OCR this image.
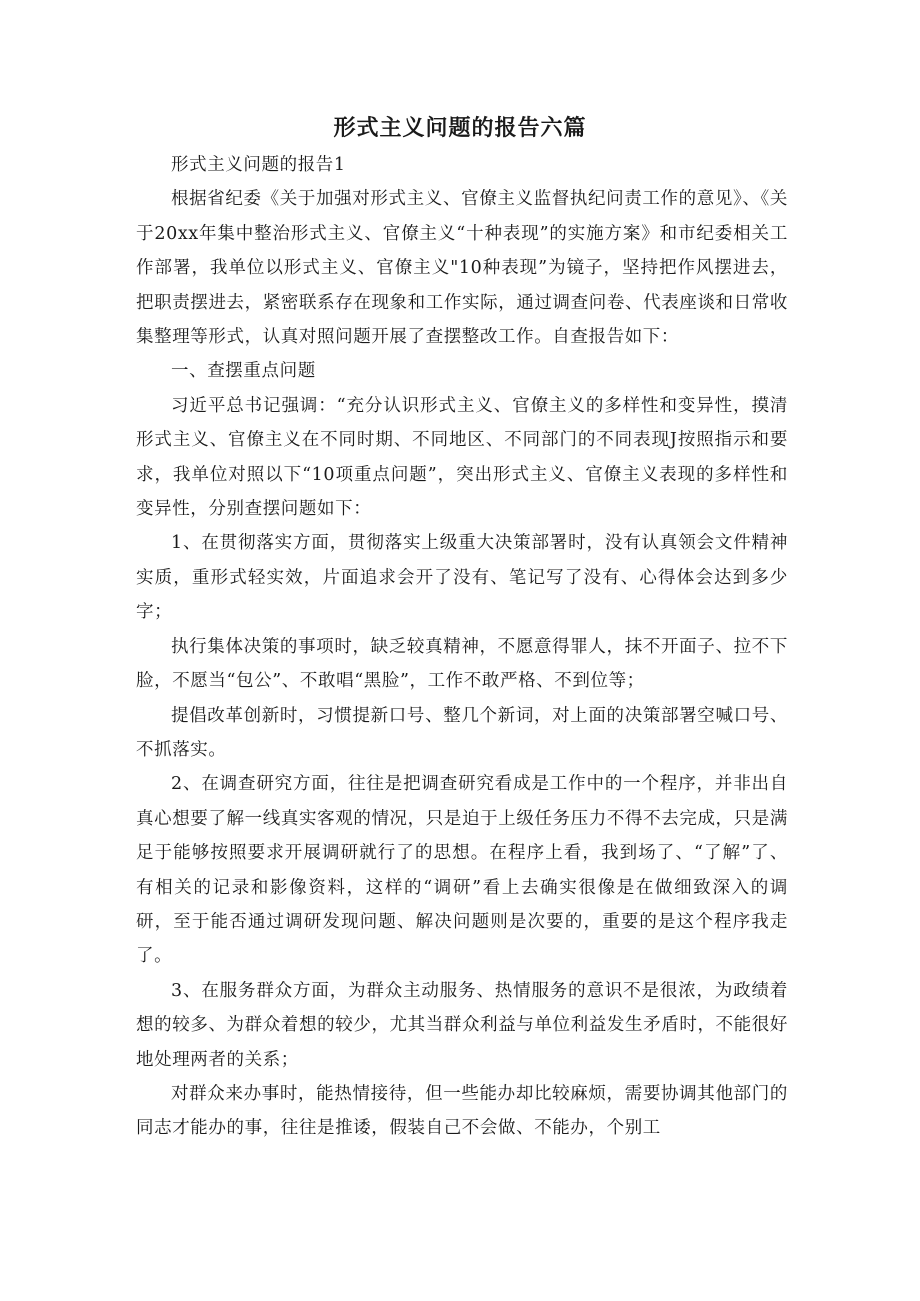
形式主义问题的报告六篇

形式主义问题的报告1

根据省纪委《关于加强对形式主义、官僚主义监督执纪问责工作的意见》、《关于20xx年集中整治形式主义、官僚主义“十种表现”的实施方案》和市纪委相关工作部署，我单位以形式主义、官僚主义"10种表现”为镜子，坚持把作风摆进去，把职责摆进去，紧密联系存在现象和工作实际，通过调查问卷、代表座谈和日常收集整理等形式，认真对照问题开展了查摆整改工作。自查报告如下：

一、查摆重点问题

习近平总书记强调：“充分认识形式主义、官僚主义的多样性和变异性，摸清形式主义、官僚主义在不同时期、不同地区、不同部门的不同表现J按照指示和要求，我单位对照以下“10项重点问题”，突出形式主义、官僚主义表现的多样性和变异性，分别查摆问题如下：

1、在贯彻落实方面，贯彻落实上级重大决策部署时，没有认真领会文件精神实质，重形式轻实效，片面追求会开了没有、笔记写了没有、心得体会达到多少字；

执行集体决策的事项时，缺乏较真精神，不愿意得罪人，抹不开面子、拉不下脸，不愿当“包公”、不敢唱“黑脸”，工作不敢严格、不到位等；

提倡改革创新时，习惯提新口号、整几个新词，对上面的决策部署空喊口号、不抓落实。

2、在调查研究方面，往往是把调查研究看成是工作中的一个程序，并非出自真心想要了解一线真实客观的情况，只是迫于上级任务压力不得不去完成，只是满足于能够按照要求开展调研就行了的思想。在程序上看，我到场了、“了解”了、有相关的记录和影像资料，这样的“调研”看上去确实很像是在做细致深入的调研，至于能否通过调研发现问题、解决问题则是次要的，重要的是这个程序我走了。

3、在服务群众方面，为群众主动服务、热情服务的意识不是很浓，为政绩着想的较多、为群众着想的较少，尤其当群众利益与单位利益发生矛盾时，不能很好地处理两者的关系；

对群众来办事时，能热情接待，但一些能办却比较麻烦，需要协调其他部门的同志才能办的事，往往是推诿，假装自己不会做、不能办，个别工
